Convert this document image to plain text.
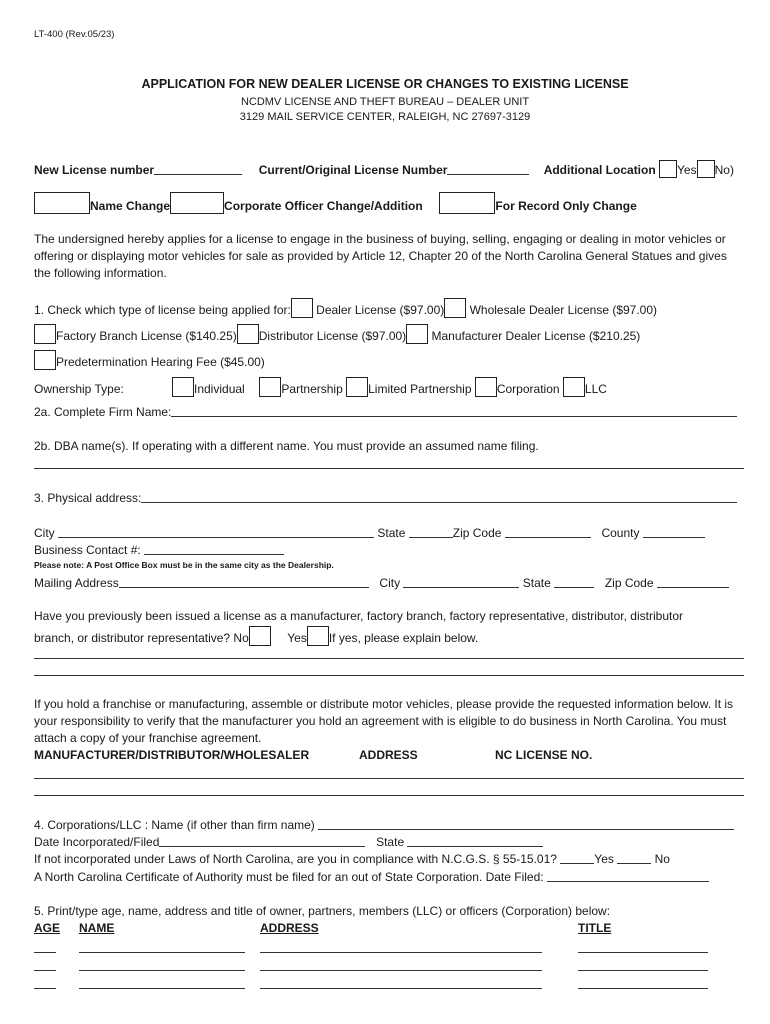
LT-400 (Rev.05/23)
APPLICATION FOR NEW DEALER LICENSE OR CHANGES TO EXISTING LICENSE
NCDMV LICENSE AND THEFT BUREAU – DEALER UNIT
3129 MAIL SERVICE CENTER, RALEIGH, NC 27697-3129
New License number	Current/Original License Number	Additional Location Yes No)
Name Change	Corporate Officer Change/Addition	For Record Only Change
The undersigned hereby applies for a license to engage in the business of buying, selling, engaging or dealing in motor vehicles or offering or displaying motor vehicles for sale as provided by Article 12, Chapter 20 of the North Carolina General Statues and gives the following information.
1. Check which type of license being applied for: Dealer License ($97.00) Wholesale Dealer License ($97.00)
Factory Branch License ($140.25) Distributor License ($97.00) Manufacturer Dealer License ($210.25)
Predetermination Hearing Fee ($45.00)
Ownership Type:	Individual	Partnership Limited Partnership Corporation LLC
2a. Complete Firm Name:
2b. DBA name(s). If operating with a different name. You must provide an assumed name filing.
3. Physical address:
City	State	Zip Code	County
Business Contact #:
Please note: A Post Office Box must be in the same city as the Dealership.
Mailing Address	City	State	Zip Code
Have you previously been issued a license as a manufacturer, factory branch, factory representative, distributor, distributor
branch, or distributor representative? No	Yes If yes, please explain below.
If you hold a franchise or manufacturing, assemble or distribute motor vehicles, please provide the requested information below. It is your responsibility to verify that the manufacturer you hold an agreement with is eligible to do business in North Carolina. You must attach a copy of your franchise agreement.
MANUFACTURER/DISTRIBUTOR/WHOLESALER	ADDRESS	NC LICENSE NO.
4. Corporations/LLC : Name (if other than firm name)
Date Incorporated/Filed	State
If not incorporated under Laws of North Carolina, are you in compliance with N.C.G.S. § 55-15.01?	Yes	No
A North Carolina Certificate of Authority must be filed for an out of State Corporation. Date Filed:
5. Print/type age, name, address and title of owner, partners, members (LLC) or officers (Corporation) below:
AGE NAME	ADDRESS	TITLE
